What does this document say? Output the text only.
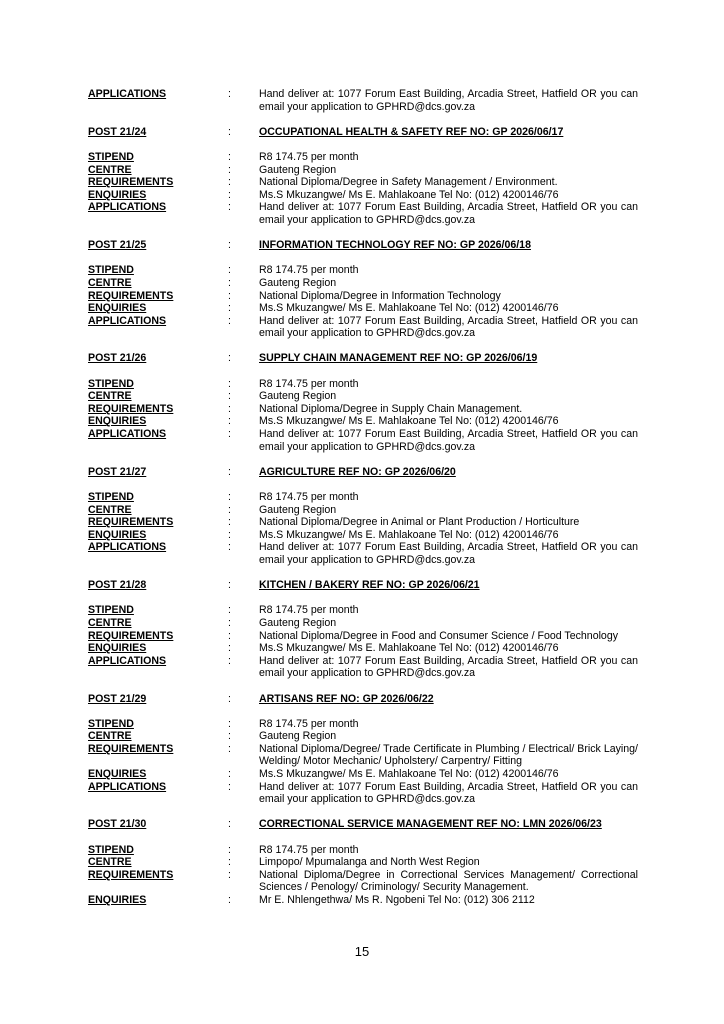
APPLICATIONS	:	Hand deliver at: 1077 Forum East Building, Arcadia Street, Hatfield OR you can email your application to GPHRD@dcs.gov.za
POST 21/24	:	OCCUPATIONAL HEALTH & SAFETY REF NO: GP 2026/06/17
STIPEND	:	R8 174.75 per month
CENTRE	:	Gauteng Region
REQUIREMENTS	:	National Diploma/Degree in Safety Management / Environment.
ENQUIRIES	:	Ms.S Mkuzangwe/ Ms E. Mahlakoane Tel No: (012) 4200146/76
APPLICATIONS	:	Hand deliver at: 1077 Forum East Building, Arcadia Street, Hatfield OR you can email your application to GPHRD@dcs.gov.za
POST 21/25	:	INFORMATION TECHNOLOGY REF NO: GP 2026/06/18
STIPEND	:	R8 174.75 per month
CENTRE	:	Gauteng Region
REQUIREMENTS	:	National Diploma/Degree in Information Technology
ENQUIRIES	:	Ms.S Mkuzangwe/ Ms E. Mahlakoane Tel No: (012) 4200146/76
APPLICATIONS	:	Hand deliver at: 1077 Forum East Building, Arcadia Street, Hatfield OR you can email your application to GPHRD@dcs.gov.za
POST 21/26	:	SUPPLY CHAIN MANAGEMENT REF NO: GP 2026/06/19
STIPEND	:	R8 174.75 per month
CENTRE	:	Gauteng Region
REQUIREMENTS	:	National Diploma/Degree in Supply Chain Management.
ENQUIRIES	:	Ms.S Mkuzangwe/ Ms E. Mahlakoane Tel No: (012) 4200146/76
APPLICATIONS	:	Hand deliver at: 1077 Forum East Building, Arcadia Street, Hatfield OR you can email your application to GPHRD@dcs.gov.za
POST 21/27	:	AGRICULTURE REF NO: GP 2026/06/20
STIPEND	:	R8 174.75 per month
CENTRE	:	Gauteng Region
REQUIREMENTS	:	National Diploma/Degree in Animal or Plant Production / Horticulture
ENQUIRIES	:	Ms.S Mkuzangwe/ Ms E. Mahlakoane Tel No: (012) 4200146/76
APPLICATIONS	:	Hand deliver at: 1077 Forum East Building, Arcadia Street, Hatfield OR you can email your application to GPHRD@dcs.gov.za
POST 21/28	:	KITCHEN / BAKERY REF NO: GP 2026/06/21
STIPEND	:	R8 174.75 per month
CENTRE	:	Gauteng Region
REQUIREMENTS	:	National Diploma/Degree in Food and Consumer Science / Food Technology
ENQUIRIES	:	Ms.S Mkuzangwe/ Ms E. Mahlakoane Tel No: (012) 4200146/76
APPLICATIONS	:	Hand deliver at: 1077 Forum East Building, Arcadia Street, Hatfield OR you can email your application to GPHRD@dcs.gov.za
POST 21/29	:	ARTISANS REF NO: GP 2026/06/22
STIPEND	:	R8 174.75 per month
CENTRE	:	Gauteng Region
REQUIREMENTS	:	National Diploma/Degree/ Trade Certificate in Plumbing / Electrical/ Brick Laying/ Welding/ Motor Mechanic/ Upholstery/ Carpentry/ Fitting
ENQUIRIES	:	Ms.S Mkuzangwe/ Ms E. Mahlakoane Tel No: (012) 4200146/76
APPLICATIONS	:	Hand deliver at: 1077 Forum East Building, Arcadia Street, Hatfield OR you can email your application to GPHRD@dcs.gov.za
POST 21/30	:	CORRECTIONAL SERVICE MANAGEMENT REF NO: LMN 2026/06/23
STIPEND	:	R8 174.75 per month
CENTRE	:	Limpopo/ Mpumalanga and North West Region
REQUIREMENTS	:	National Diploma/Degree in Correctional Services Management/ Correctional Sciences / Penology/ Criminology/ Security Management.
ENQUIRIES	:	Mr E. Nhlengethwa/ Ms R. Ngobeni Tel No: (012) 306 2112
15
